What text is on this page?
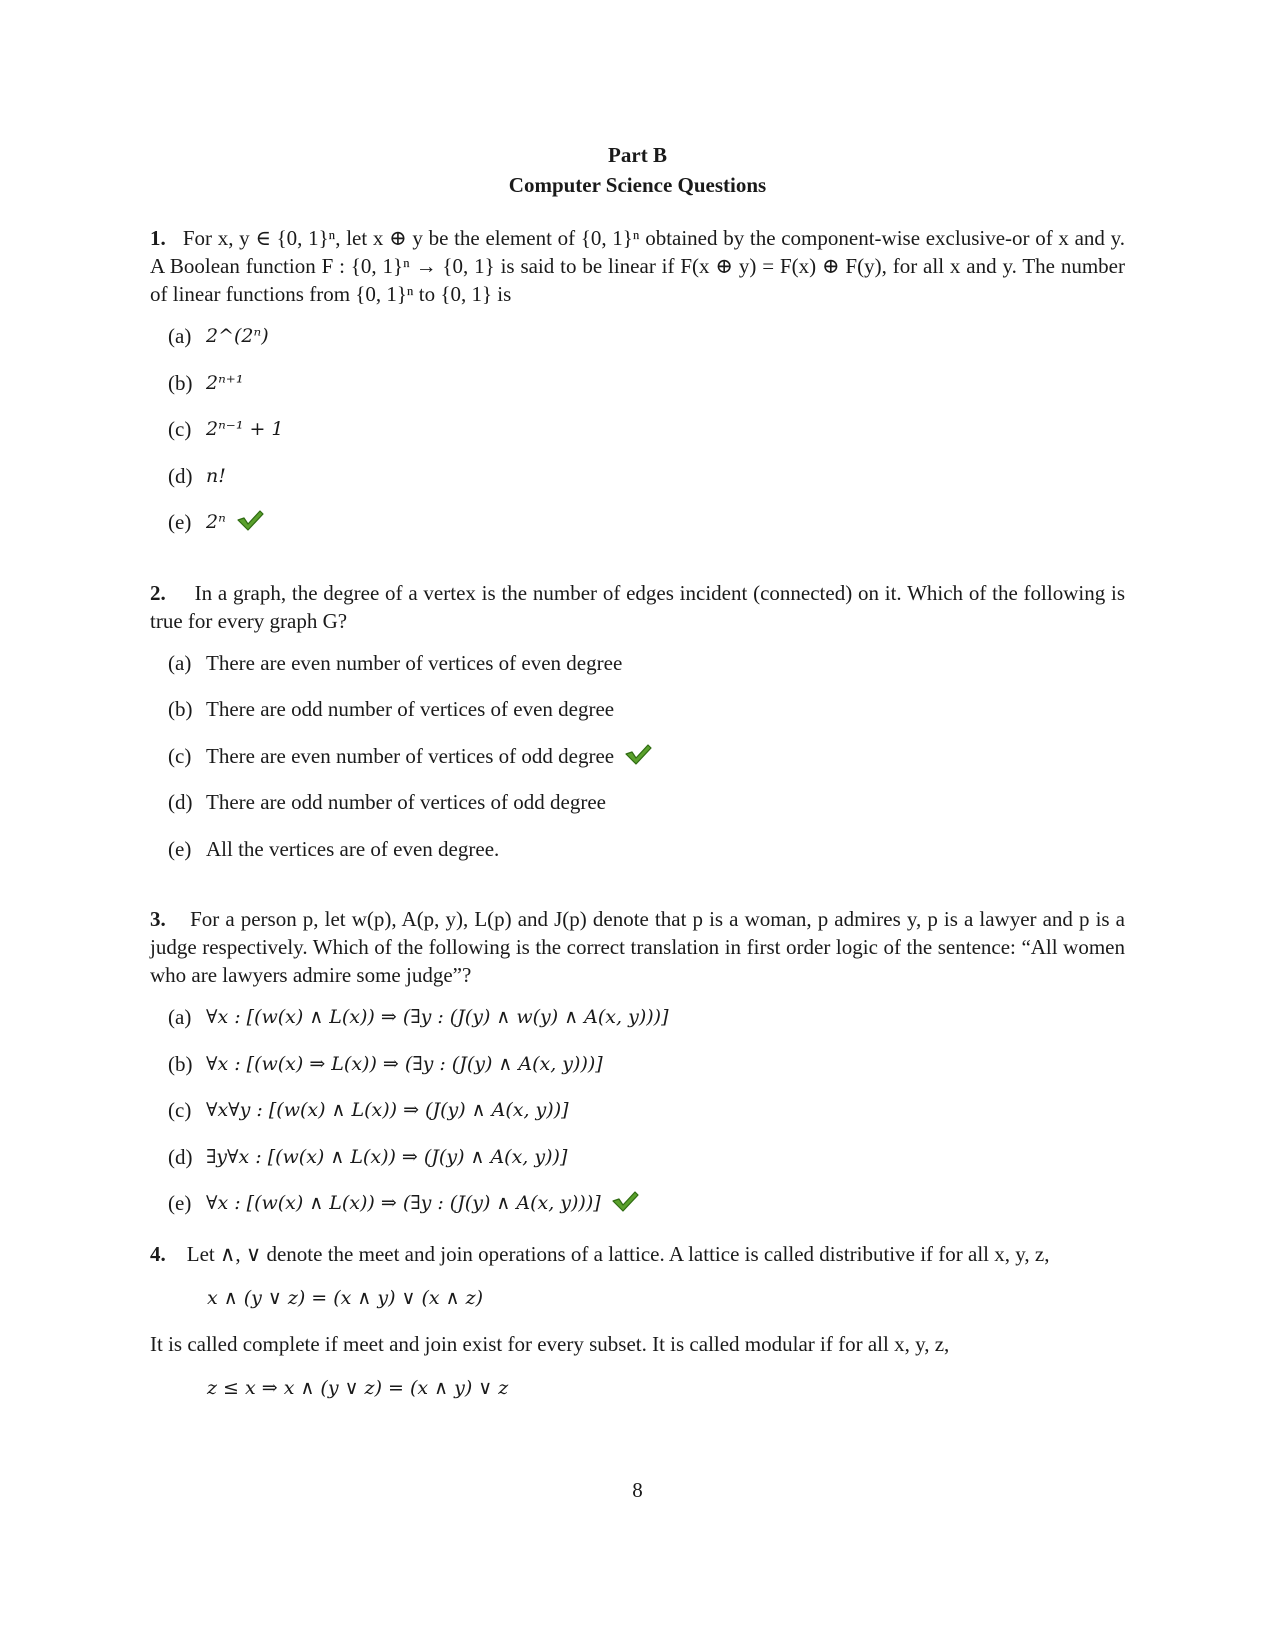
Part B
Computer Science Questions
1. For x, y ∈ {0, 1}ⁿ, let x ⊕ y be the element of {0, 1}ⁿ obtained by the component-wise exclusive-or of x and y. A Boolean function F : {0, 1}ⁿ → {0, 1} is said to be linear if F(x ⊕ y) = F(x) ⊕ F(y), for all x and y. The number of linear functions from {0, 1}ⁿ to {0, 1} is
(a) 2^(2ⁿ)
(b) 2ⁿ⁺¹
(c) 2ⁿ⁻¹ + 1
(d) n!
(e) 2ⁿ
2. In a graph, the degree of a vertex is the number of edges incident (connected) on it. Which of the following is true for every graph G?
(a) There are even number of vertices of even degree
(b) There are odd number of vertices of even degree
(c) There are even number of vertices of odd degree
(d) There are odd number of vertices of odd degree
(e) All the vertices are of even degree.
3. For a person p, let w(p), A(p, y), L(p) and J(p) denote that p is a woman, p admires y, p is a lawyer and p is a judge respectively. Which of the following is the correct translation in first order logic of the sentence: “All women who are lawyers admire some judge”?
(a) ∀x : [(w(x) ∧ L(x)) ⇒ (∃y : (J(y) ∧ w(y) ∧ A(x, y)))]
(b) ∀x : [(w(x) ⇒ L(x)) ⇒ (∃y : (J(y) ∧ A(x, y)))]
(c) ∀x∀y : [(w(x) ∧ L(x)) ⇒ (J(y) ∧ A(x, y))]
(d) ∃y∀x : [(w(x) ∧ L(x)) ⇒ (J(y) ∧ A(x, y))]
(e) ∀x : [(w(x) ∧ L(x)) ⇒ (∃y : (J(y) ∧ A(x, y)))]
4. Let ∧, ∨ denote the meet and join operations of a lattice. A lattice is called distributive if for all x, y, z,
x ∧ (y ∨ z) = (x ∧ y) ∨ (x ∧ z)
It is called complete if meet and join exist for every subset. It is called modular if for all x, y, z,
z ≤ x ⇒ x ∧ (y ∨ z) = (x ∧ y) ∨ z
8
